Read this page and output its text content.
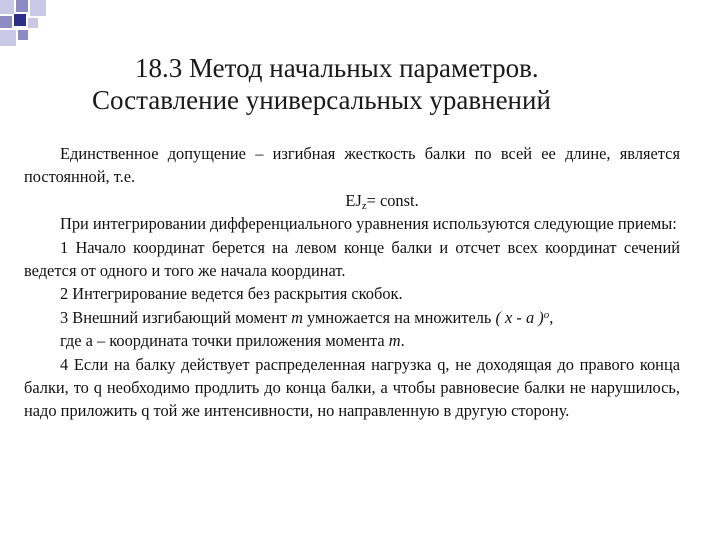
18.3 Метод начальных параметров.
Составление универсальных уравнений

Единственное допущение – изгибная жесткость балки по всей ее длине, является постоянной, т.е.

$EJ_z=$ const.

При интегрировании дифференциального уравнения используются следующие приемы:

1 Начало координат берется на левом конце балки и отсчет всех координат сечений ведется от одного и того же начала координат.

2 Интегрирование ведется без раскрытия скобок.

3 Внешний изгибающий момент m умножается на множитель ( x - a )$^o$,

где а – координата точки приложения момента m.

4 Если на балку действует распределенная нагрузка q, не доходящая до правого конца балки, то q необходимо продлить до конца балки, а чтобы равновесие балки не нарушилось, надо приложить q той же интенсивности, но направленную в другую сторону.
